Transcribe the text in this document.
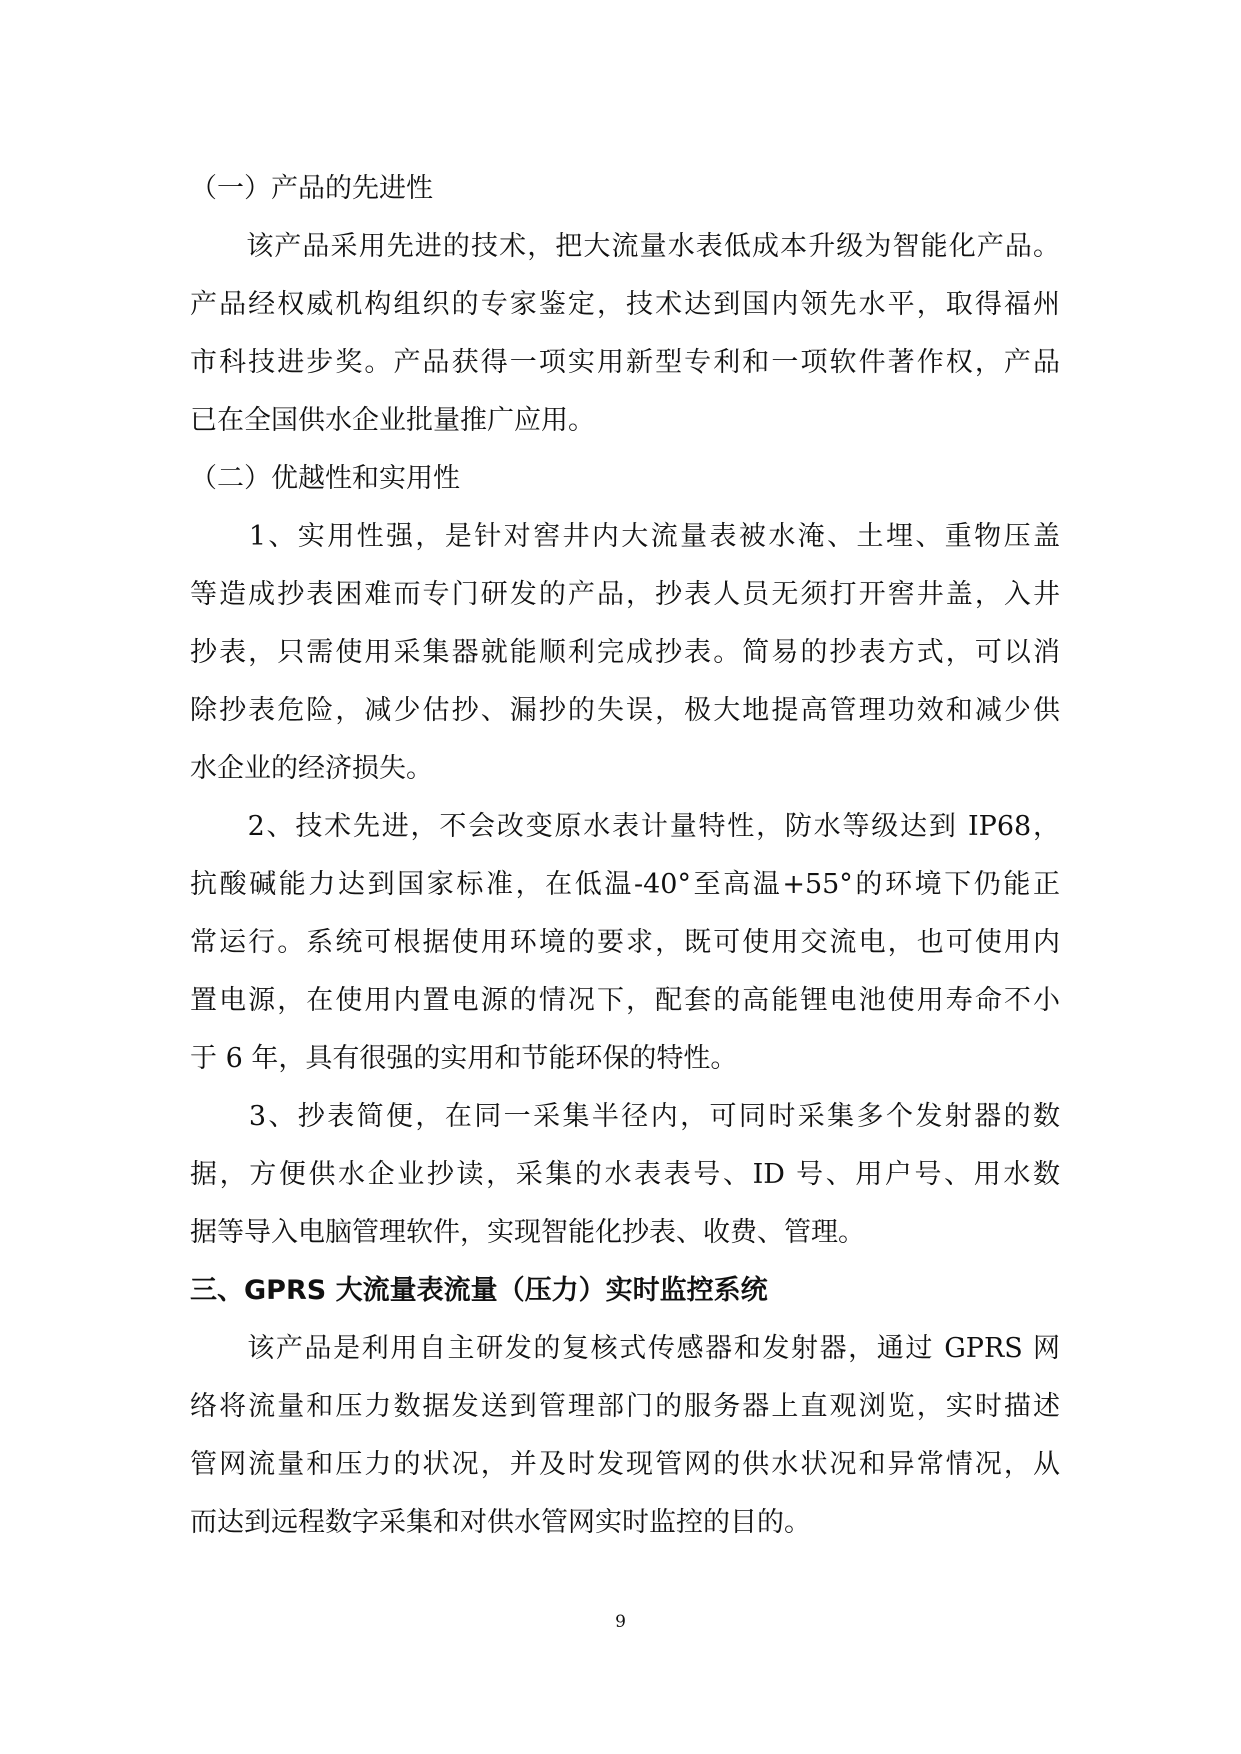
（一）产品的先进性
　　该产品采用先进的技术，把大流量水表低成本升级为智能化产品。
产品经权威机构组织的专家鉴定，技术达到国内领先水平，取得福州
市科技进步奖。产品获得一项实用新型专利和一项软件著作权，产品
已在全国供水企业批量推广应用。
（二）优越性和实用性
　　1、实用性强，是针对窖井内大流量表被水淹、土埋、重物压盖
等造成抄表困难而专门研发的产品，抄表人员无须打开窖井盖，入井
抄表，只需使用采集器就能顺利完成抄表。简易的抄表方式，可以消
除抄表危险，减少估抄、漏抄的失误，极大地提高管理功效和减少供
水企业的经济损失。
　　2、技术先进，不会改变原水表计量特性，防水等级达到 IP68，
抗酸碱能力达到国家标准，在低温-40°至高温+55°的环境下仍能正
常运行。系统可根据使用环境的要求，既可使用交流电，也可使用内
置电源，在使用内置电源的情况下，配套的高能锂电池使用寿命不小
于 6 年，具有很强的实用和节能环保的特性。
　　3、抄表简便，在同一采集半径内，可同时采集多个发射器的数
据，方便供水企业抄读，采集的水表表号、ID 号、用户号、用水数
据等导入电脑管理软件，实现智能化抄表、收费、管理。
三、GPRS 大流量表流量（压力）实时监控系统
　　该产品是利用自主研发的复核式传感器和发射器，通过 GPRS 网
络将流量和压力数据发送到管理部门的服务器上直观浏览，实时描述
管网流量和压力的状况，并及时发现管网的供水状况和异常情况，从
而达到远程数字采集和对供水管网实时监控的目的。
9
